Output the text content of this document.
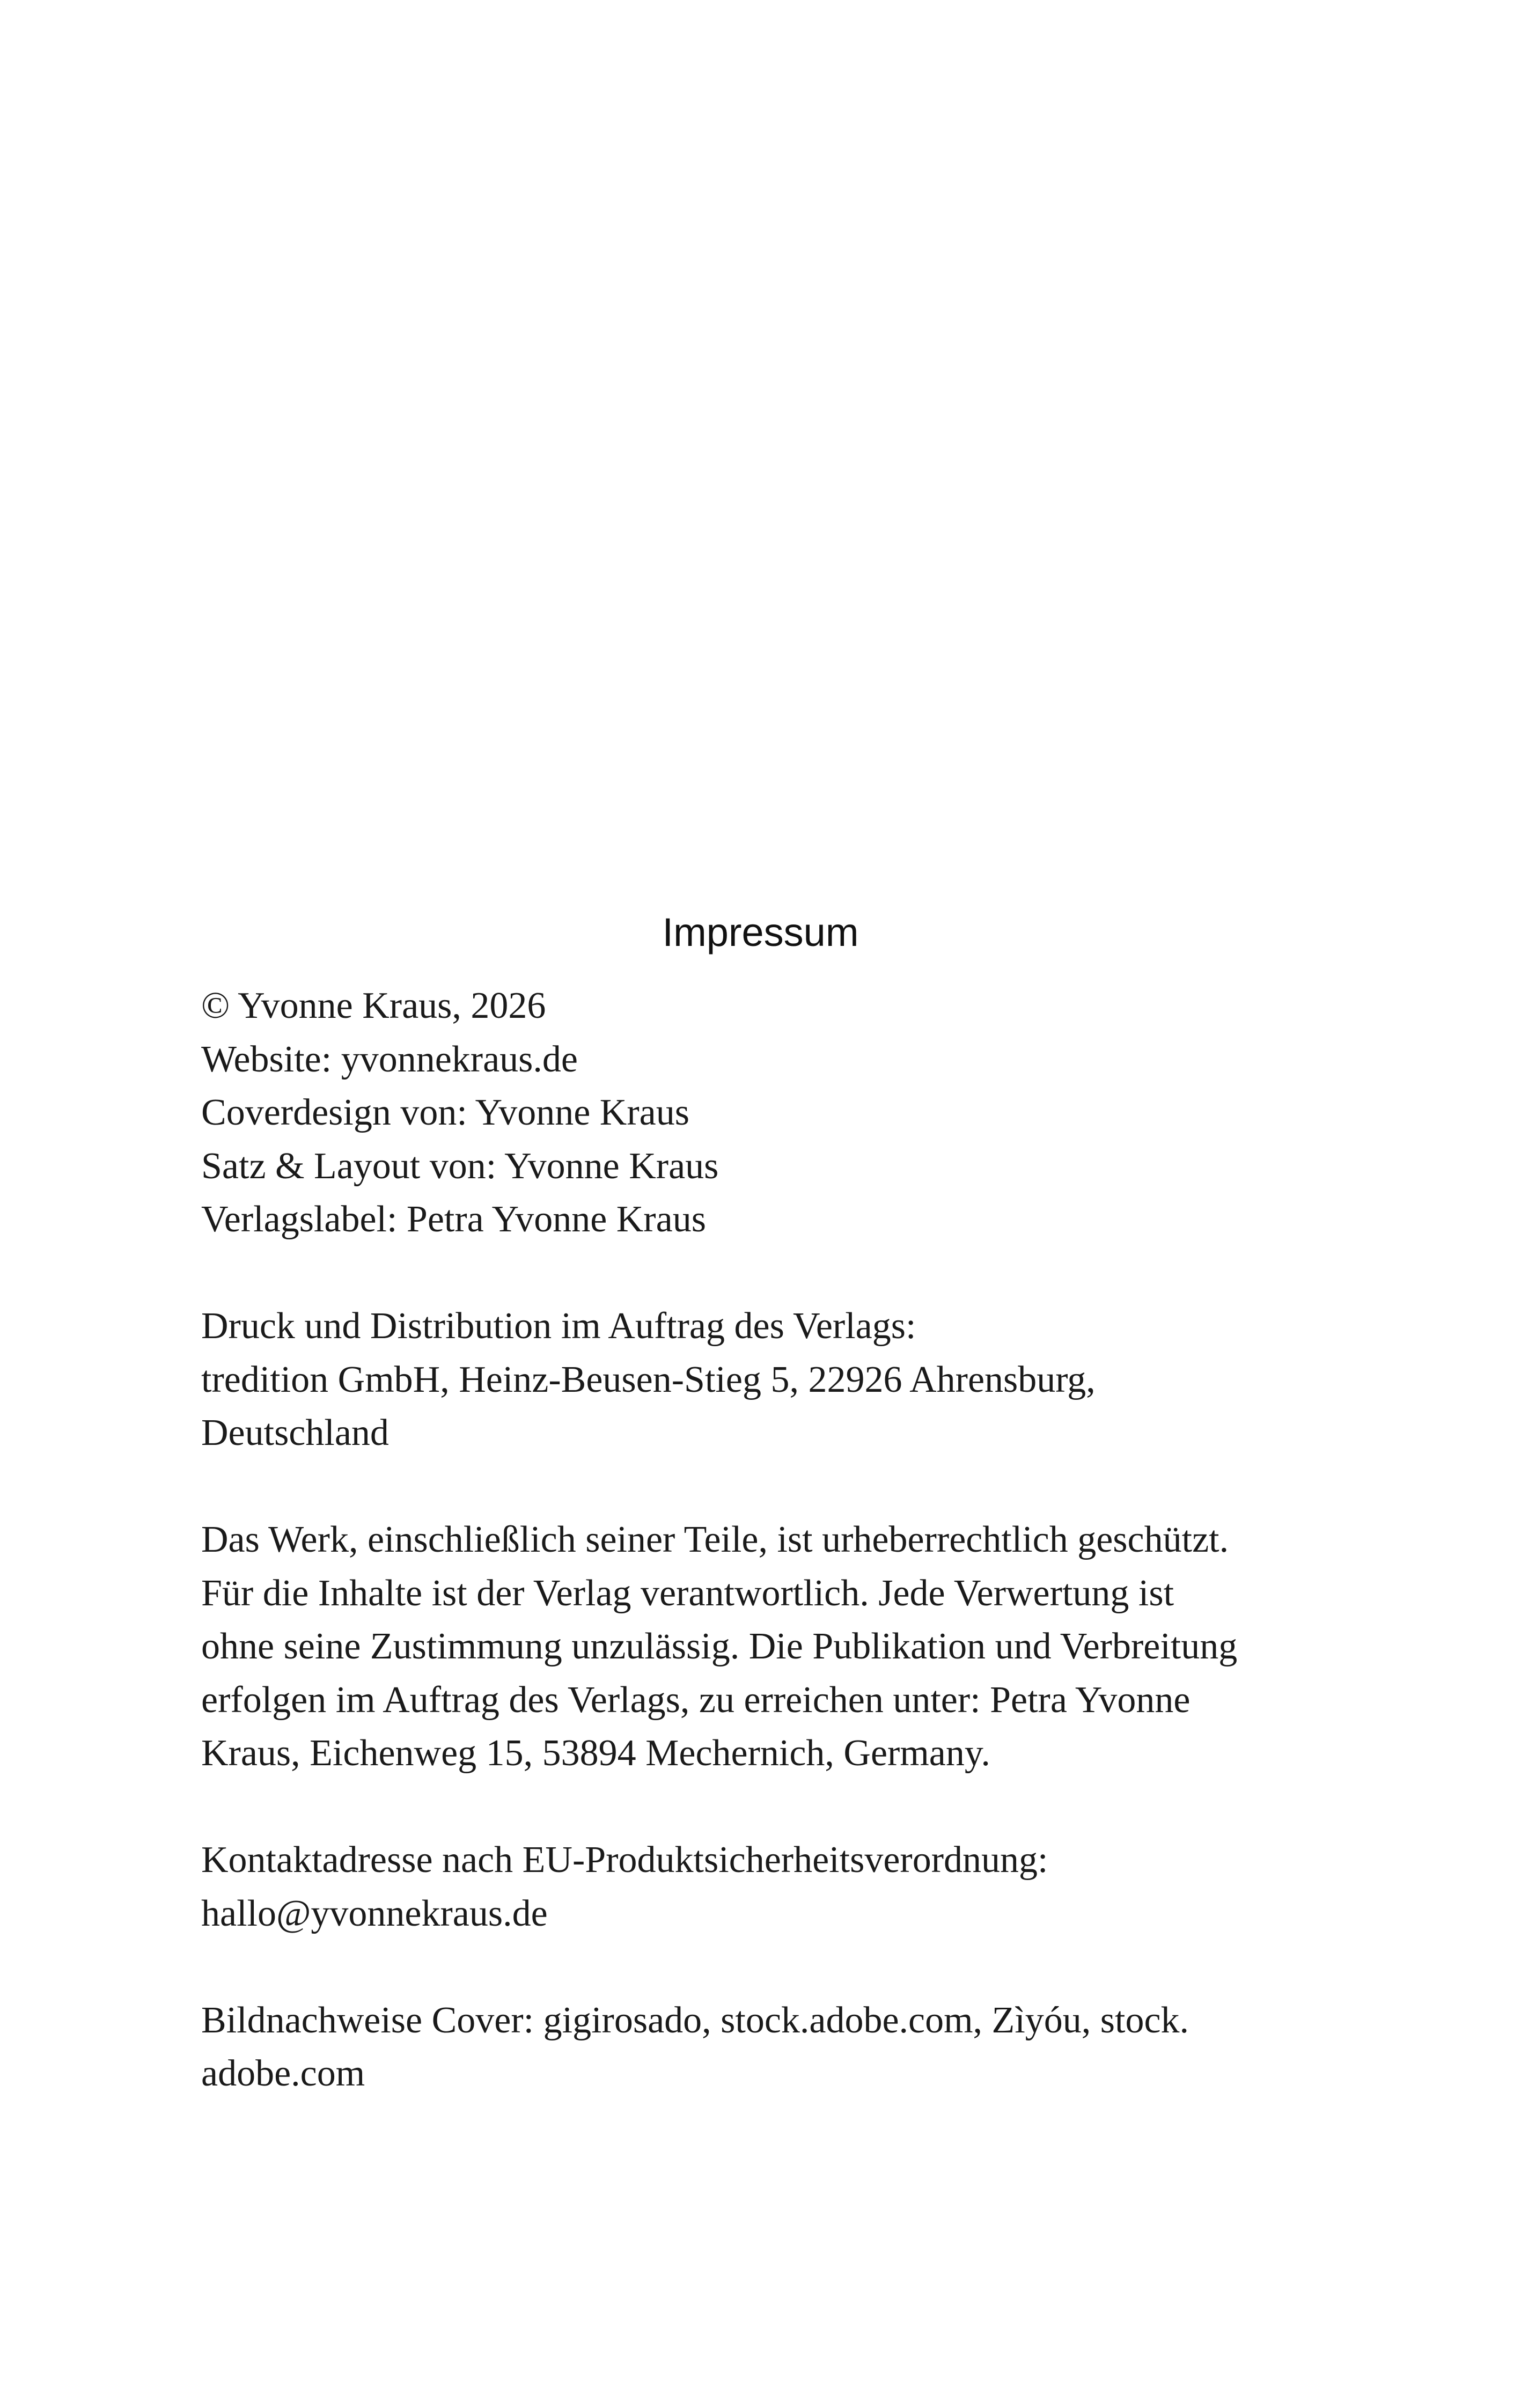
Impressum
© Yvonne Kraus, 2026
Website: yvonnekraus.de
Coverdesign von: Yvonne Kraus
Satz & Layout von: Yvonne Kraus
Verlagslabel: Petra Yvonne Kraus
Druck und Distribution im Auftrag des Verlags:
tredition GmbH, Heinz-Beusen-Stieg 5, 22926 Ahrensburg,
Deutschland
Das Werk, einschließlich seiner Teile, ist urheberrechtlich geschützt.
Für die Inhalte ist der Verlag verantwortlich. Jede Verwertung ist
ohne seine Zustimmung unzulässig. Die Publikation und Verbreitung
erfolgen im Auftrag des Verlags, zu erreichen unter: Petra Yvonne
Kraus, Eichenweg 15, 53894 Mechernich, Germany.
Kontaktadresse nach EU-Produktsicherheitsverordnung:
hallo@yvonnekraus.de
Bildnachweise Cover: gigirosado, stock.adobe.com, Zìyóu, stock.
adobe.com
